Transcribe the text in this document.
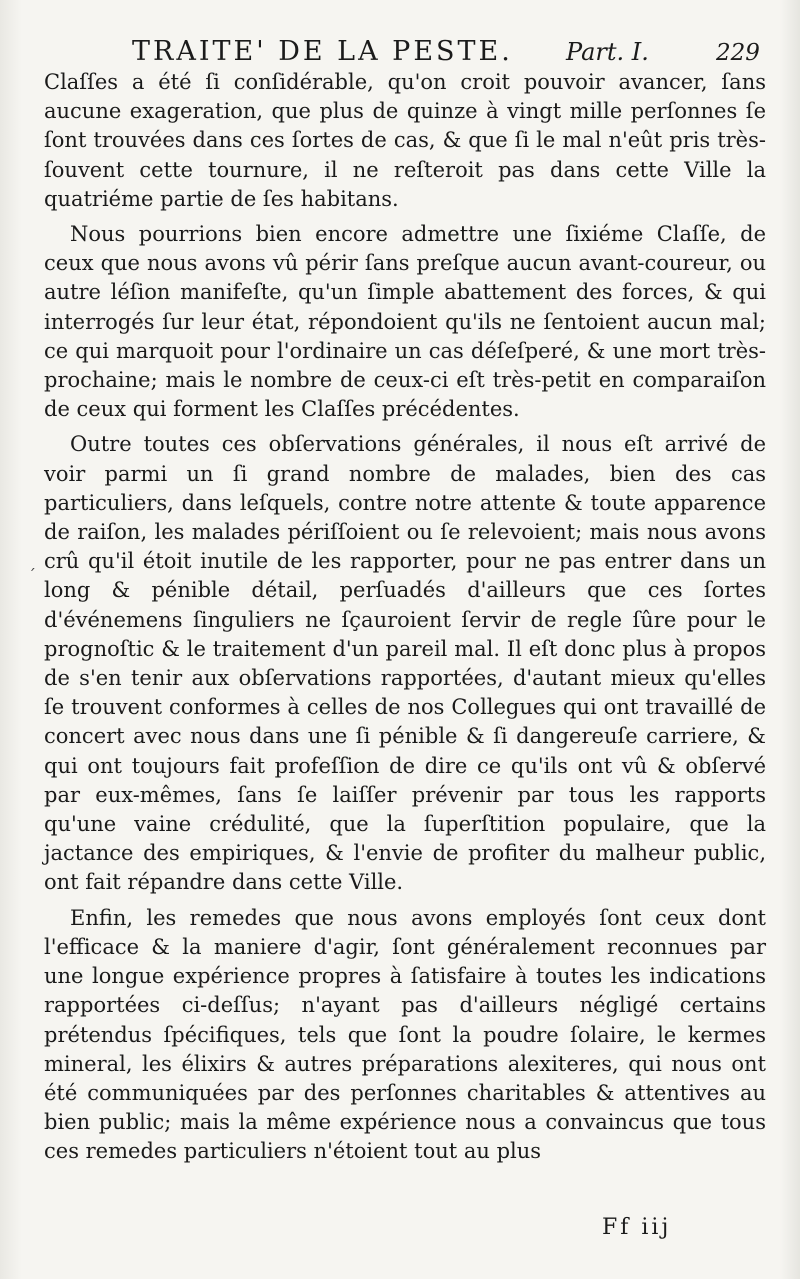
TRAITE' DE LA PESTE. Part. I.	229

Claſſes a été ſi conſidérable, qu'on croit pouvoir avancer, ſans aucune exageration, que plus de quinze à vingt mille perſonnes ſe ſont trouvées dans ces ſortes de cas, & que ſi le mal n'eût pris très-ſouvent cette tournure, il ne reſteroit pas dans cette Ville la quatriéme partie de ſes habitans.

Nous pourrions bien encore admettre une ſixiéme Claſſe, de ceux que nous avons vû périr ſans preſque aucun avant-coureur, ou autre léſion manifeſte, qu'un ſimple abattement des forces, & qui interrogés ſur leur état, répondoient qu'ils ne ſentoient aucun mal; ce qui marquoit pour l'ordinaire un cas déſeſperé, & une mort très-prochaine; mais le nombre de ceux-ci eſt très-petit en comparaiſon de ceux qui forment les Claſſes précédentes.

Outre toutes ces obſervations générales, il nous eſt arrivé de voir parmi un ſi grand nombre de malades, bien des cas particuliers, dans leſquels, contre notre attente & toute apparence de raiſon, les malades périſſoient ou ſe relevoient; mais nous avons crû qu'il étoit inutile de les rapporter, pour ne pas entrer dans un long & pénible détail, perſuadés d'ailleurs que ces ſortes d'événemens ſinguliers ne ſçauroient ſervir de regle ſûre pour le prognoſtic & le traitement d'un pareil mal. Il eſt donc plus à propos de s'en tenir aux obſervations rapportées, d'autant mieux qu'elles ſe trouvent conformes à celles de nos Collegues qui ont travaillé de concert avec nous dans une ſi pénible & ſi dangereuſe carriere, & qui ont toujours fait profeſſion de dire ce qu'ils ont vû & obſervé par eux-mêmes, ſans ſe laiſſer prévenir par tous les rapports qu'une vaine crédulité, que la ſuperſtition populaire, que la jactance des empiriques, & l'envie de profiter du malheur public, ont fait répandre dans cette Ville.

Enfin, les remedes que nous avons employés ſont ceux dont l'efficace & la maniere d'agir, ſont généralement reconnues par une longue expérience propres à ſatisfaire à toutes les indications rapportées ci-deſſus; n'ayant pas d'ailleurs négligé certains prétendus ſpécifiques, tels que ſont la poudre ſolaire, le kermes mineral, les élixirs & autres préparations alexiteres, qui nous ont été communiquées par des perſonnes charitables & attentives au bien public; mais la même expérience nous a convaincus que tous ces remedes particuliers n'étoient tout au plus

´
Ff iij
